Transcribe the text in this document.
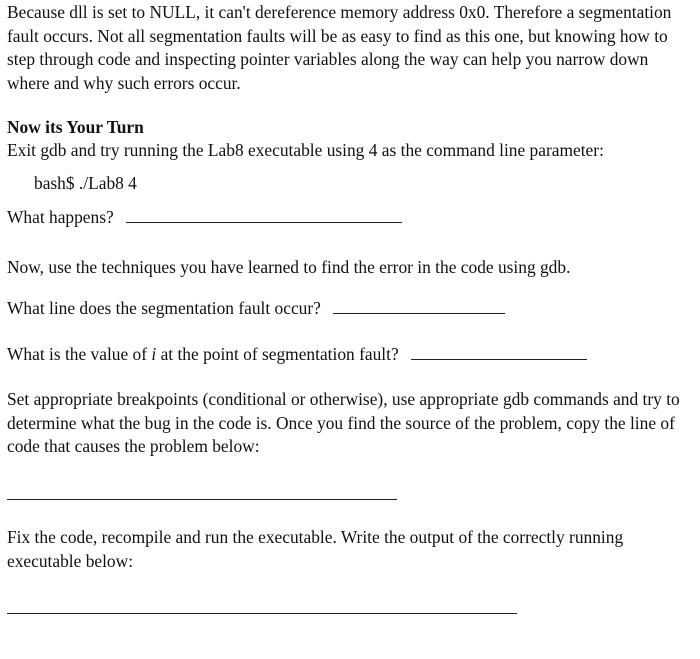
Because dll is set to NULL, it can't dereference memory address 0x0. Therefore a segmentation fault occurs. Not all segmentation faults will be as easy to find as this one, but knowing how to step through code and inspecting pointer variables along the way can help you narrow down where and why such errors occur.

Now its Your Turn

Exit gdb and try running the Lab8 executable using 4 as the command line parameter:

bash$ ./Lab8 4

What happens?

Now, use the techniques you have learned to find the error in the code using gdb.

What line does the segmentation fault occur?

What is the value of i at the point of segmentation fault?

Set appropriate breakpoints (conditional or otherwise), use appropriate gdb commands and try to determine what the bug in the code is. Once you find the source of the problem, copy the line of code that causes the problem below:

Fix the code, recompile and run the executable. Write the output of the correctly running executable below:
